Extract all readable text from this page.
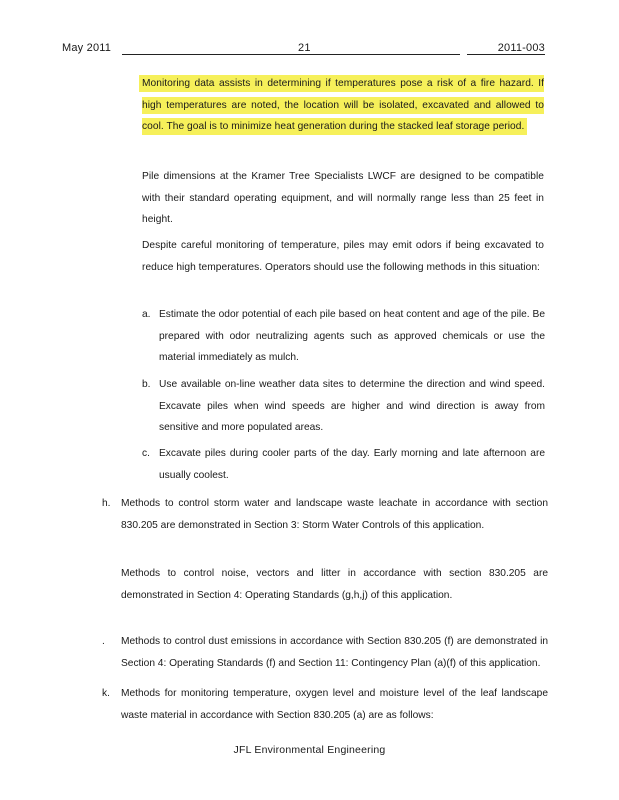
May 2011	21	2011-003
Monitoring data assists in determining if temperatures pose a risk of a fire hazard. If high temperatures are noted, the location will be isolated, excavated and allowed to cool. The goal is to minimize heat generation during the stacked leaf storage period.
Pile dimensions at the Kramer Tree Specialists LWCF are designed to be compatible with their standard operating equipment, and will normally range less than 25 feet in height.
Despite careful monitoring of temperature, piles may emit odors if being excavated to reduce high temperatures. Operators should use the following methods in this situation:
a. Estimate the odor potential of each pile based on heat content and age of the pile. Be prepared with odor neutralizing agents such as approved chemicals or use the material immediately as mulch.
b. Use available on-line weather data sites to determine the direction and wind speed. Excavate piles when wind speeds are higher and wind direction is away from sensitive and more populated areas.
c. Excavate piles during cooler parts of the day. Early morning and late afternoon are usually coolest.
h. Methods to control storm water and landscape waste leachate in accordance with section 830.205 are demonstrated in Section 3: Storm Water Controls of this application.
Methods to control noise, vectors and litter in accordance with section 830.205 are demonstrated in Section 4: Operating Standards (g,h,j) of this application.
. Methods to control dust emissions in accordance with Section 830.205 (f) are demonstrated in Section 4: Operating Standards (f) and Section 11: Contingency Plan (a)(f) of this application.
k. Methods for monitoring temperature, oxygen level and moisture level of the leaf landscape waste material in accordance with Section 830.205 (a) are as follows:
JFL Environmental Engineering
